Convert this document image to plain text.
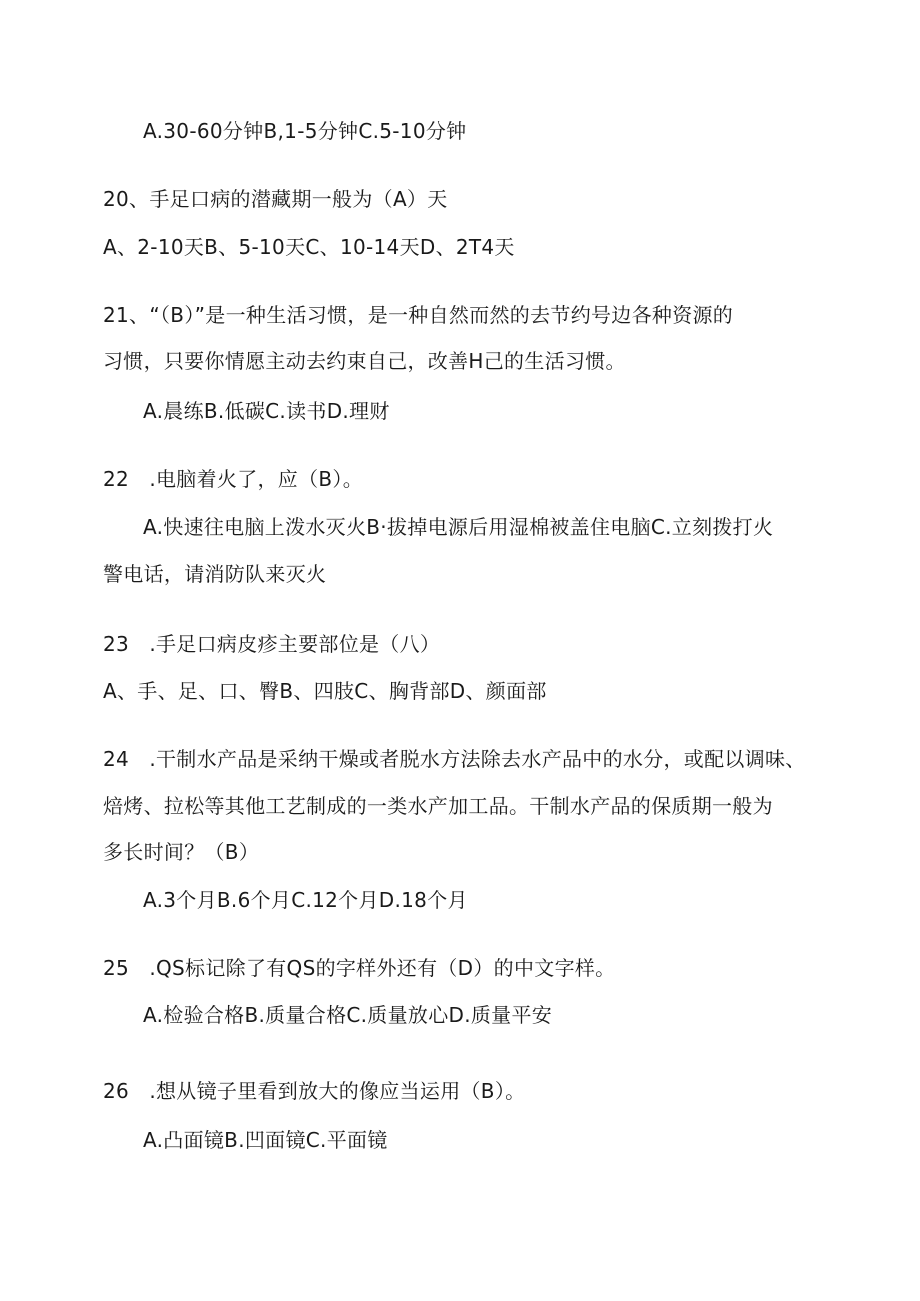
A.30-60分钟B,1-5分钟C.5-10分钟
20、手足口病的潜藏期一般为（A）天
A、2-10天B、5-10天C、10-14天D、2T4天
21、“（B）”是一种生活习惯，是一种自然而然的去节约号边各种资源的
习惯，只要你情愿主动去约束自己，改善H己的生活习惯。
A.晨练B.低碳C.读书D.理财
22　.电脑着火了，应（B）。
A.快速往电脑上泼水灭火B·拔掉电源后用湿棉被盖住电脑C.立刻拨打火
警电话，请消防队来灭火
23　.手足口病皮疹主要部位是（八）
A、手、足、口、臀B、四肢C、胸背部D、颜面部
24　.干制水产品是采纳干燥或者脱水方法除去水产品中的水分，或配以调味、
焙烤、拉松等其他工艺制成的一类水产加工品。干制水产品的保质期一般为
多长时间？（B）
A.3个月B.6个月C.12个月D.18个月
25　.QS标记除了有QS的字样外还有（D）的中文字样。
A.检验合格B.质量合格C.质量放心D.质量平安
26　.想从镜子里看到放大的像应当运用（B）。
A.凸面镜B.凹面镜C.平面镜
